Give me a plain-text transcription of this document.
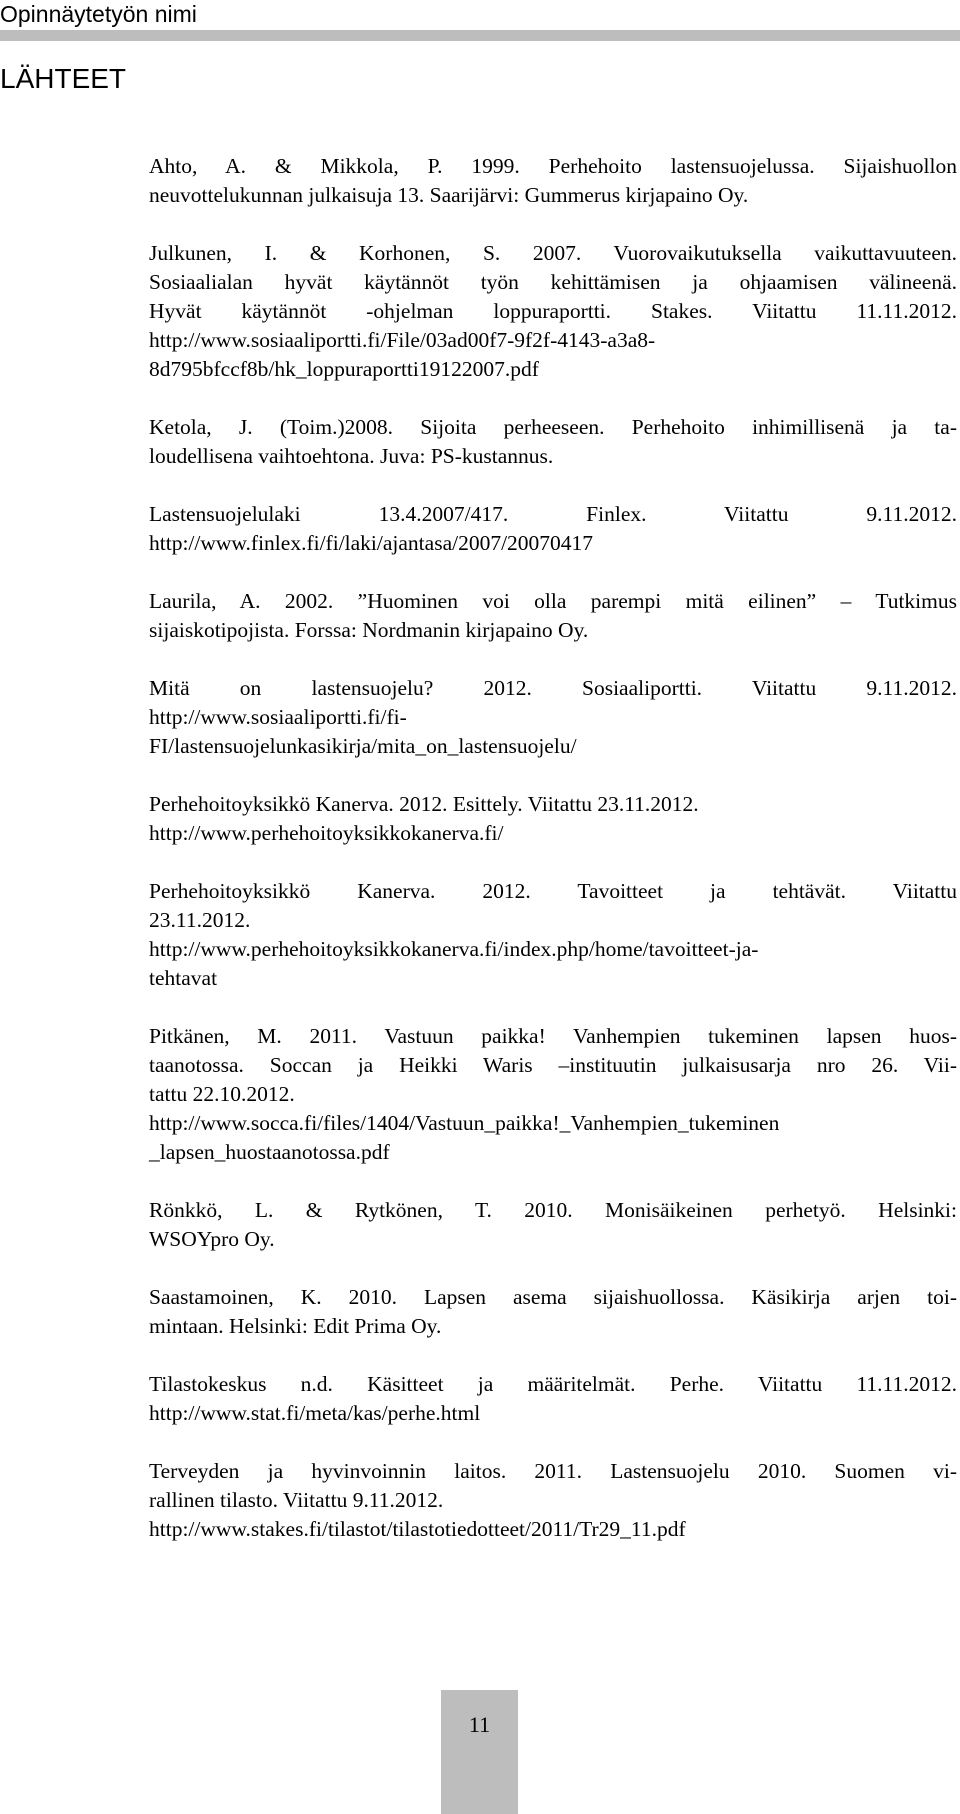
Opinnäytetyön nimi
LÄHTEET
Ahto, A. & Mikkola, P. 1999. Perhehoito lastensuojelussa. Sijaishuollon
neuvottelukunnan julkaisuja 13. Saarijärvi: Gummerus kirjapaino Oy.
Julkunen, I. & Korhonen, S. 2007. Vuorovaikutuksella vaikuttavuuteen.
Sosiaalialan hyvät käytännöt työn kehittämisen ja ohjaamisen välineenä.
Hyvät käytännöt -ohjelman loppuraportti. Stakes. Viitattu 11.11.2012.
http://www.sosiaaliportti.fi/File/03ad00f7-9f2f-4143-a3a8-
8d795bfccf8b/hk_loppuraportti19122007.pdf
Ketola, J. (Toim.)2008. Sijoita perheeseen. Perhehoito inhimillisenä ja ta-
loudellisena vaihtoehtona. Juva: PS-kustannus.
Lastensuojelulaki 13.4.2007/417. Finlex. Viitattu 9.11.2012.
http://www.finlex.fi/fi/laki/ajantasa/2007/20070417
Laurila, A. 2002. ”Huominen voi olla parempi mitä eilinen” – Tutkimus
sijaiskotipojista. Forssa: Nordmanin kirjapaino Oy.
Mitä on lastensuojelu? 2012. Sosiaaliportti. Viitattu 9.11.2012.
http://www.sosiaaliportti.fi/fi-
FI/lastensuojelunkasikirja/mita_on_lastensuojelu/
Perhehoitoyksikkö Kanerva. 2012. Esittely. Viitattu 23.11.2012.
http://www.perhehoitoyksikkokanerva.fi/
Perhehoitoyksikkö Kanerva. 2012. Tavoitteet ja tehtävät. Viitattu
23.11.2012.
http://www.perhehoitoyksikkokanerva.fi/index.php/home/tavoitteet-ja-
tehtavat
Pitkänen, M. 2011. Vastuun paikka! Vanhempien tukeminen lapsen huos-
taanotossa. Soccan ja Heikki Waris –instituutin julkaisusarja nro 26. Vii-
tattu 22.10.2012.
http://www.socca.fi/files/1404/Vastuun_paikka!_Vanhempien_tukeminen
_lapsen_huostaanotossa.pdf
Rönkkö, L. & Rytkönen, T. 2010. Monisäikeinen perhetyö. Helsinki:
WSOYpro Oy.
Saastamoinen, K. 2010. Lapsen asema sijaishuollossa. Käsikirja arjen toi-
mintaan. Helsinki: Edit Prima Oy.
Tilastokeskus n.d. Käsitteet ja määritelmät. Perhe. Viitattu 11.11.2012.
http://www.stat.fi/meta/kas/perhe.html
Terveyden ja hyvinvoinnin laitos. 2011. Lastensuojelu 2010. Suomen vi-
rallinen tilasto. Viitattu 9.11.2012.
http://www.stakes.fi/tilastot/tilastotiedotteet/2011/Tr29_11.pdf
11
